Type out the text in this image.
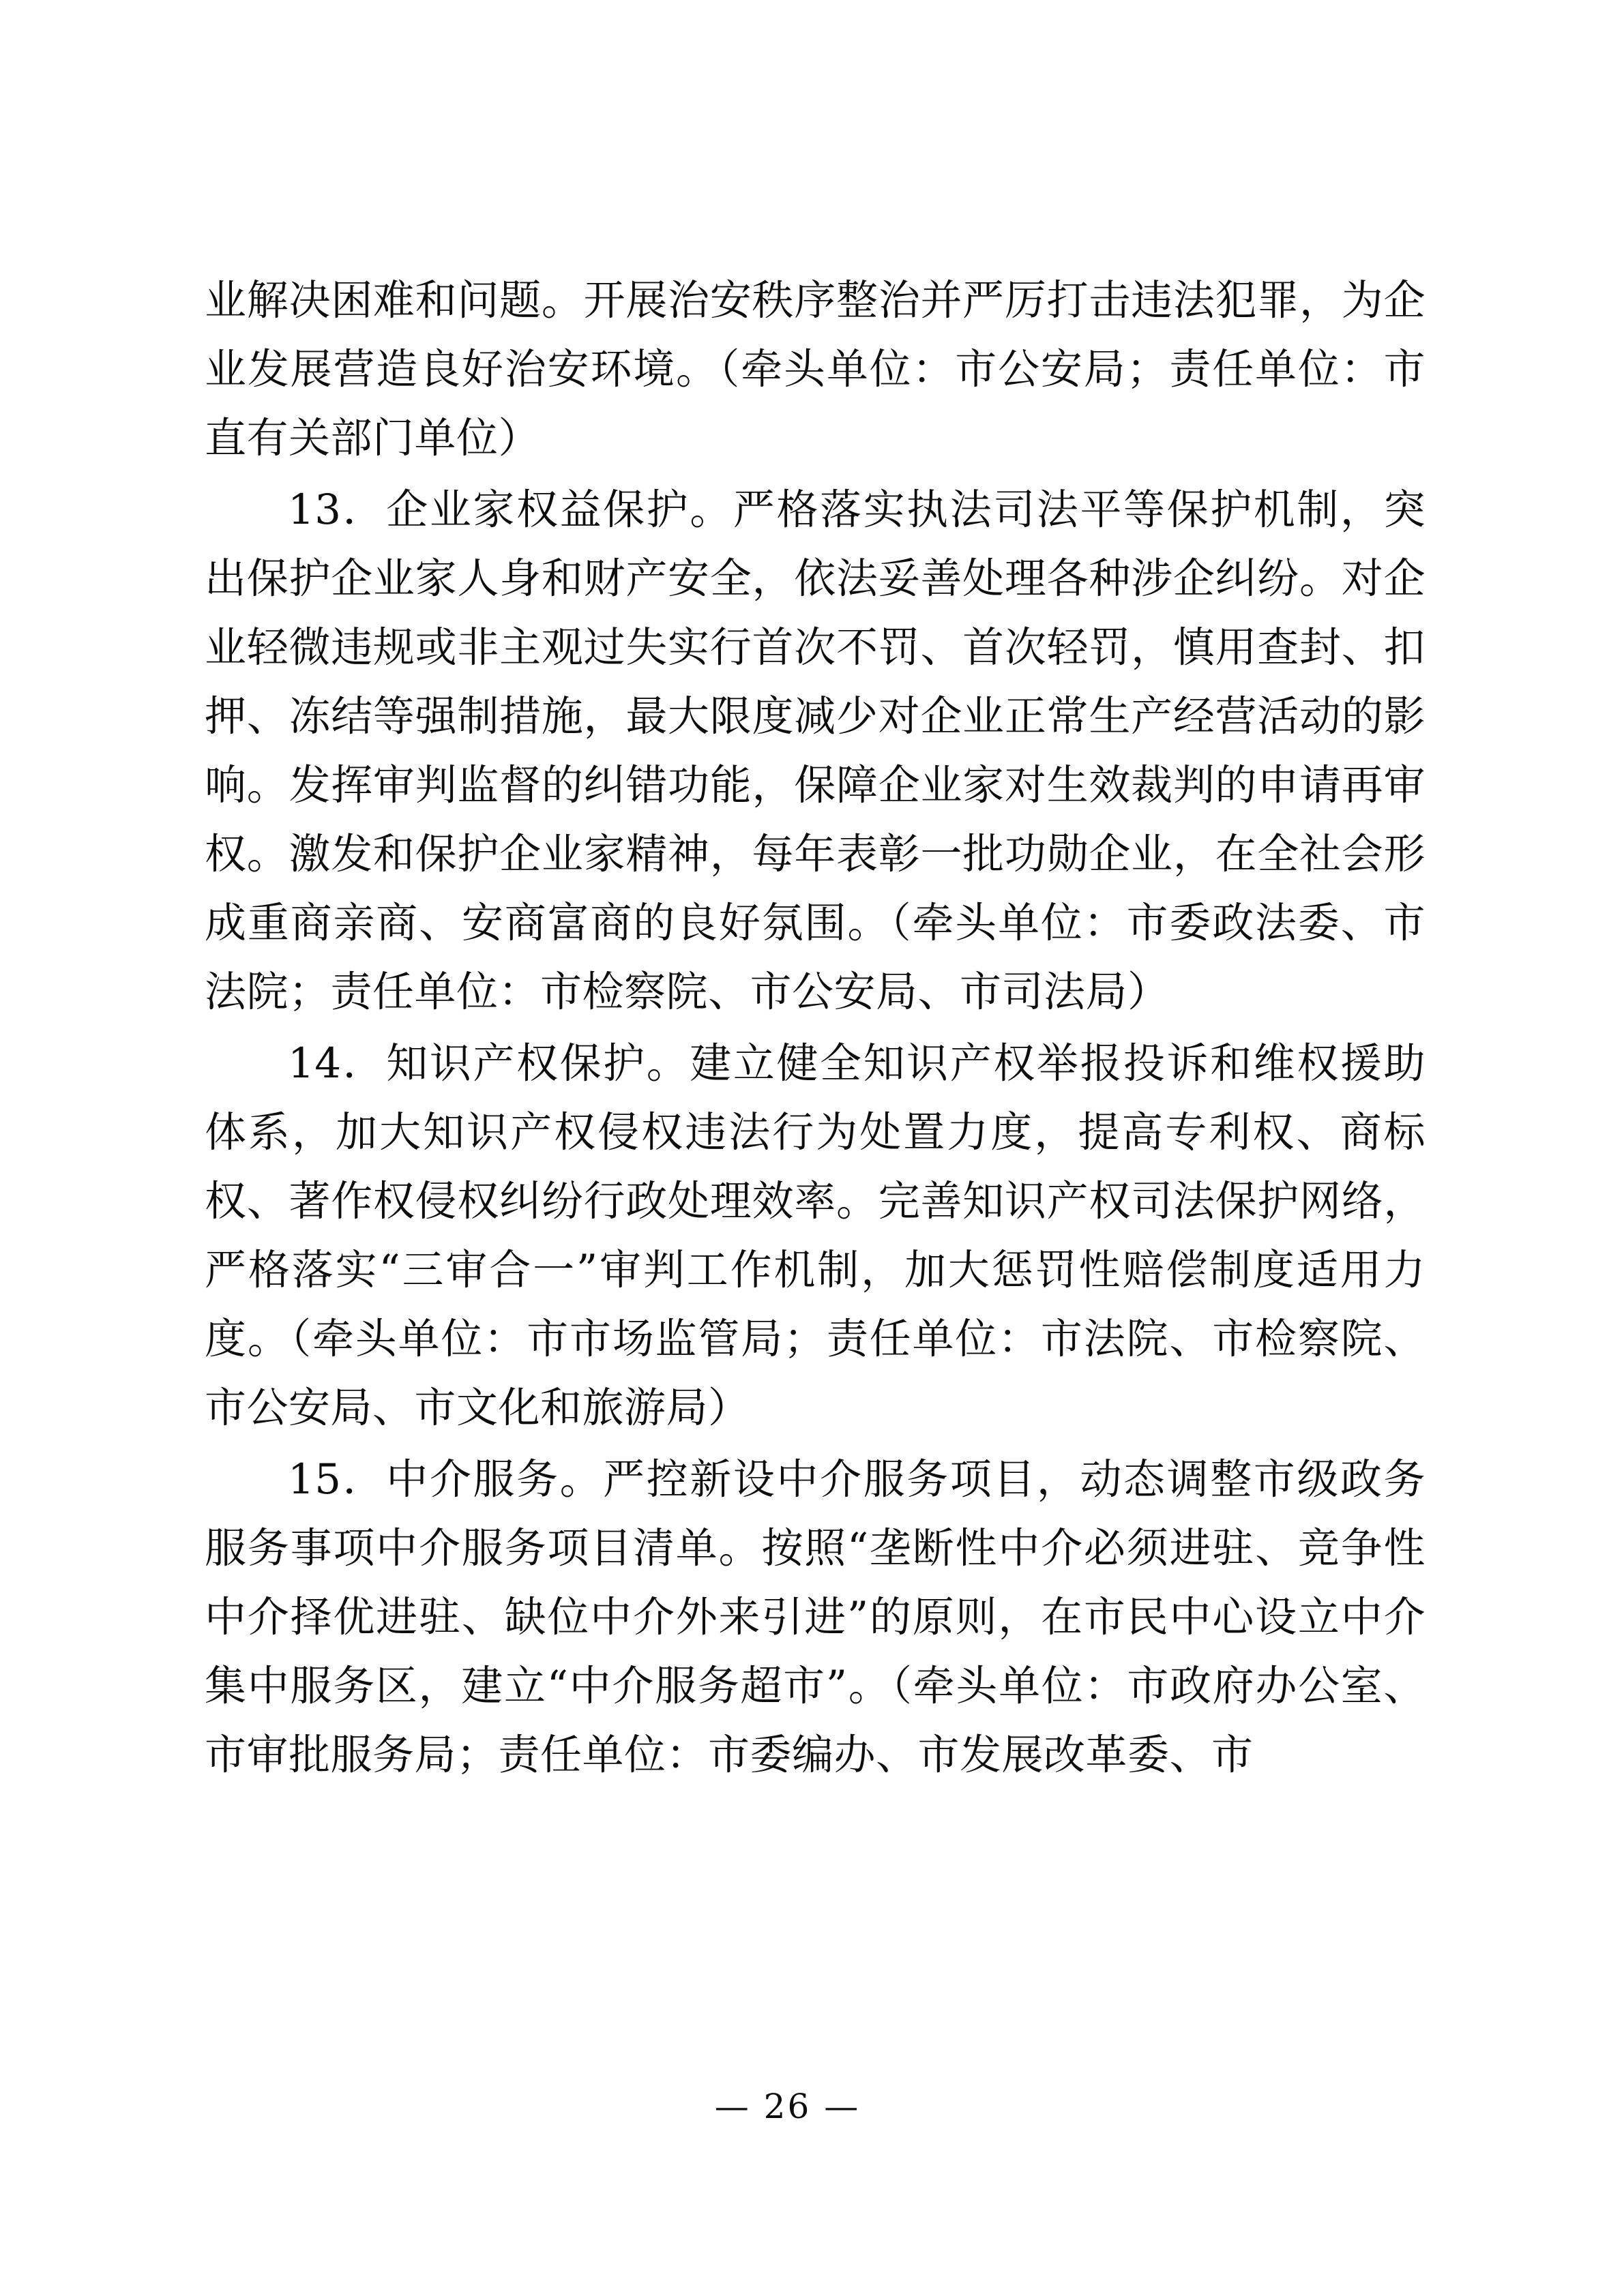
业解决困难和问题。开展治安秩序整治并严厉打击违法犯罪，为企业发展营造良好治安环境。（牵头单位：市公安局；责任单位：市直有关部门单位）

13．企业家权益保护。严格落实执法司法平等保护机制，突出保护企业家人身和财产安全，依法妥善处理各种涉企纠纷。对企业轻微违规或非主观过失实行首次不罚、首次轻罚，慎用查封、扣押、冻结等强制措施，最大限度减少对企业正常生产经营活动的影响。发挥审判监督的纠错功能，保障企业家对生效裁判的申请再审权。激发和保护企业家精神，每年表彰一批功勋企业，在全社会形成重商亲商、安商富商的良好氛围。（牵头单位：市委政法委、市法院；责任单位：市检察院、市公安局、市司法局）

14．知识产权保护。建立健全知识产权举报投诉和维权援助体系，加大知识产权侵权违法行为处置力度，提高专利权、商标权、著作权侵权纠纷行政处理效率。完善知识产权司法保护网络，严格落实“三审合一”审判工作机制，加大惩罚性赔偿制度适用力度。（牵头单位：市市场监管局；责任单位：市法院、市检察院、市公安局、市文化和旅游局）

15．中介服务。严控新设中介服务项目，动态调整市级政务服务事项中介服务项目清单。按照“垄断性中介必须进驻、竞争性中介择优进驻、缺位中介外来引进”的原则，在市民中心设立中介集中服务区，建立“中介服务超市”。（牵头单位：市政府办公室、市审批服务局；责任单位：市委编办、市发展改革委、市

— 26 —
